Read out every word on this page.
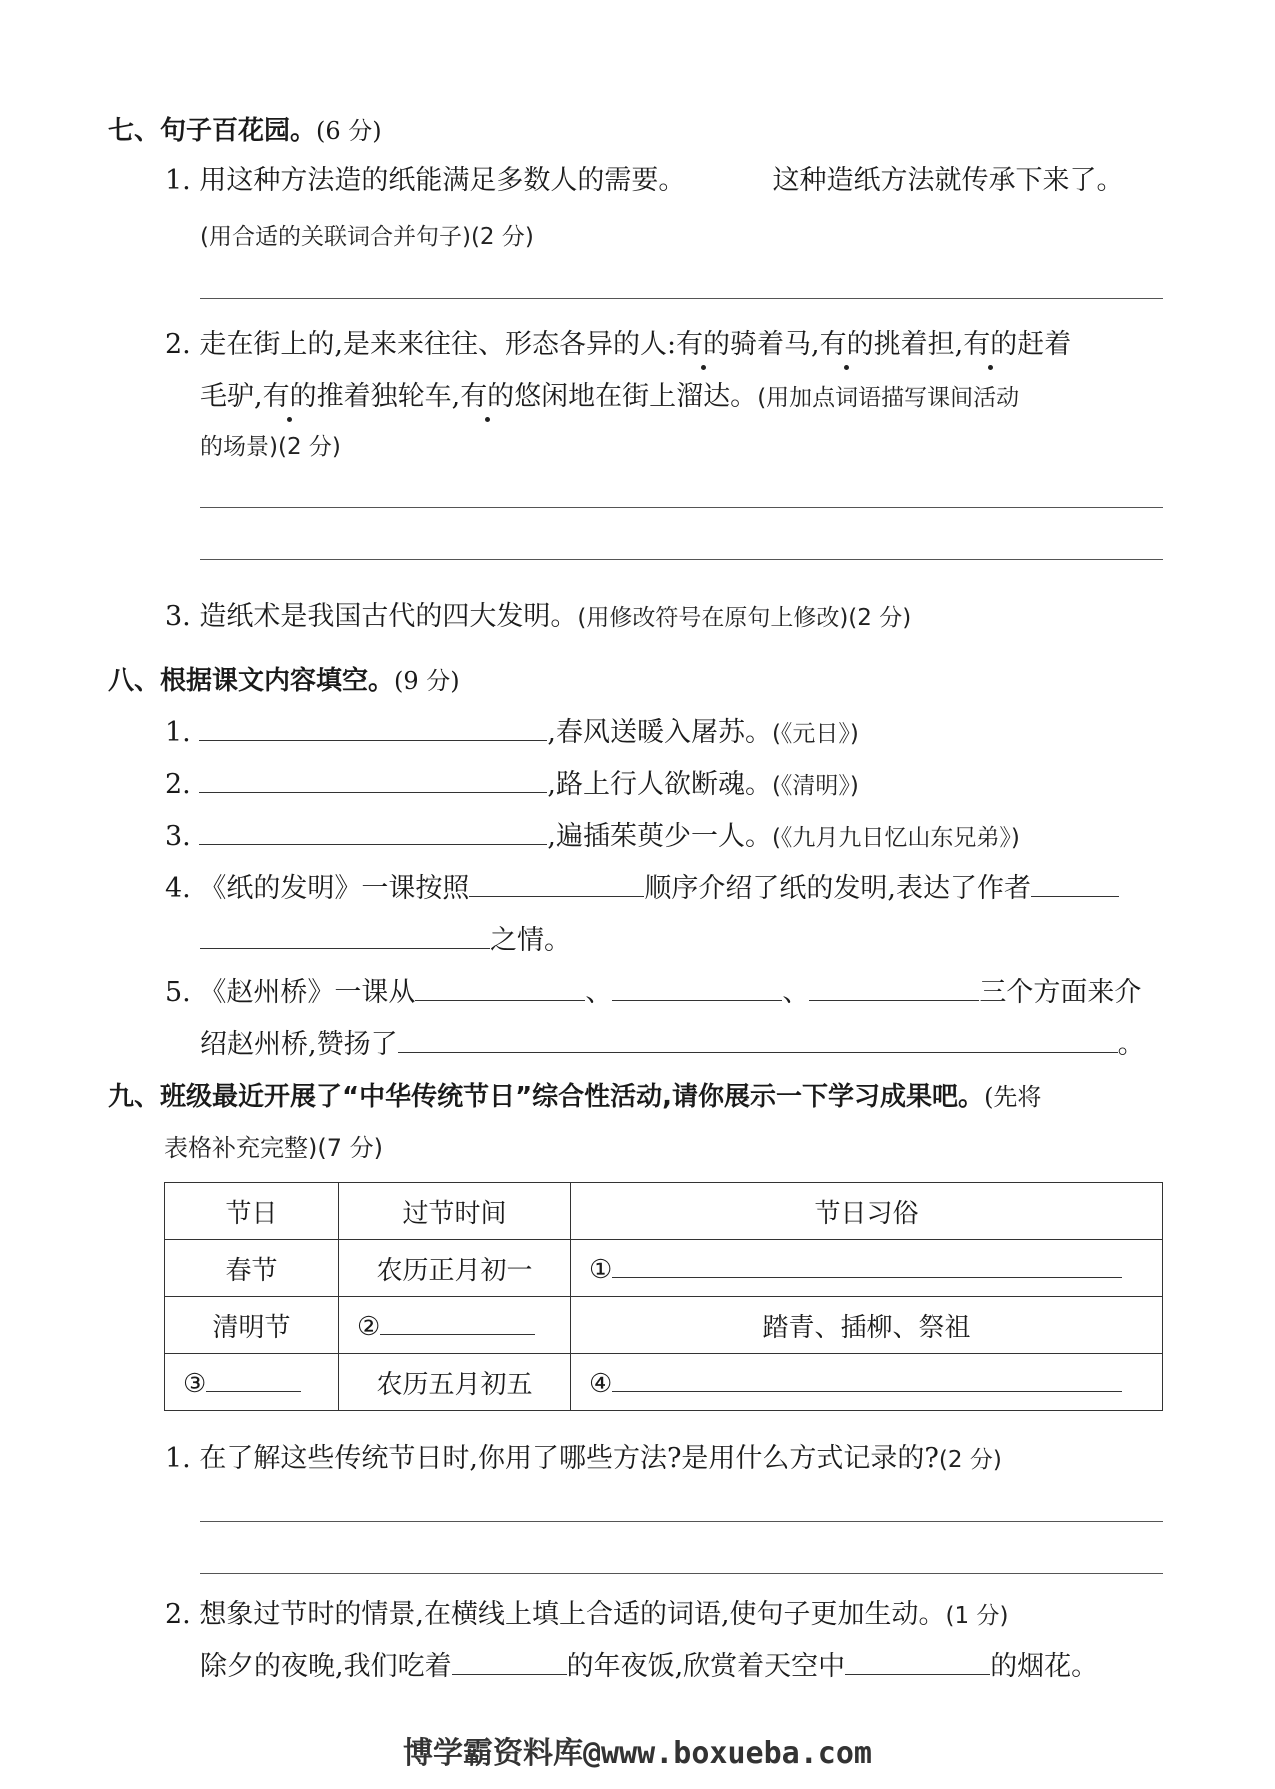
七、句子百花园。(6 分)
1. 用这种方法造的纸能满足多数人的需要。	这种造纸方法就传承下来了。
(用合适的关联词合并句子)(2 分)
2. 走在街上的,是来来往往、形态各异的人:有的骑着马,有的挑着担,有的赶着
毛驴,有的推着独轮车,有的悠闲地在街上溜达。(用加点词语描写课间活动
的场景)(2 分)
3. 造纸术是我国古代的四大发明。(用修改符号在原句上修改)(2 分)
八、根据课文内容填空。(9 分)
1.	,春风送暖入屠苏。(《元日》)
2.	,路上行人欲断魂。(《清明》)
3.	,遍插茱萸少一人。(《九月九日忆山东兄弟》)
4. 《纸的发明》一课按照	顺序介绍了纸的发明,表达了作者
之情。
5. 《赵州桥》一课从	、	、	三个方面来介
绍赵州桥,赞扬了	。
九、班级最近开展了“中华传统节日”综合性活动,请你展示一下学习成果吧。(先将
表格补充完整)(7 分)
节日	过节时间	节日习俗
春节	农历正月初一	①
清明节	②	踏青、插柳、祭祖
③	农历五月初五	④
1. 在了解这些传统节日时,你用了哪些方法?是用什么方式记录的?(2 分)
2. 想象过节时的情景,在横线上填上合适的词语,使句子更加生动。(1 分)
除夕的夜晚,我们吃着	的年夜饭,欣赏着天空中	的烟花。
博学霸资料库@www.boxueba.com
